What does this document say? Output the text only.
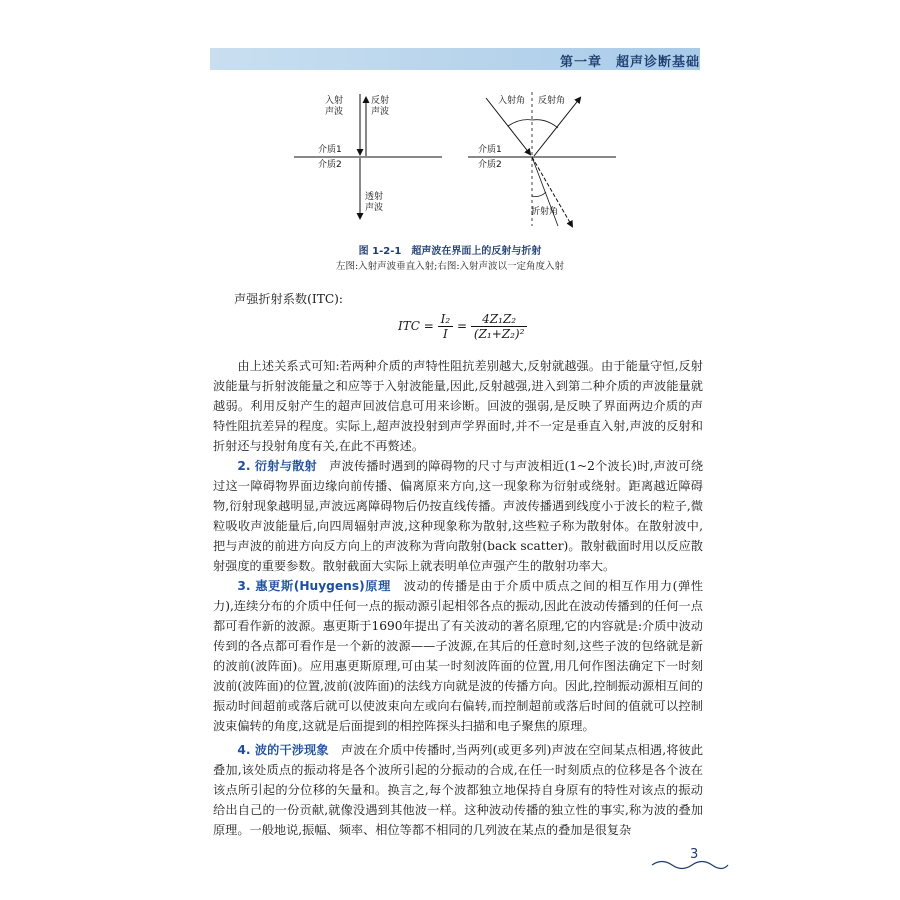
第一章　超声诊断基础
入射
声波
反射
声波
介质1
介质2
透射
声波
入射角 反射角
介质1
介质2
折射角
图 1-2-1　超声波在界面上的反射与折射
左图:入射声波垂直入射;右图:入射声波以一定角度入射
声强折射系数(ITC):
ITC = $\frac{\text{I₂}}{I} = \frac{\text{4Z₁Z₂}}{\text{(Z₁+Z₂)²}}$

由上述关系式可知:若两种介质的声特性阻抗差别越大,反射就越强。由于能量守恒,反射波能量与折射波能量之和应等于入射波能量,因此,反射越强,进入到第二种介质的声波能量就越弱。利用反射产生的超声回波信息可用来诊断。回波的强弱,是反映了界面两边介质的声特性阻抗差异的程度。实际上,超声波投射到声学界面时,并不一定是垂直入射,声波的反射和折射还与投射角度有关,在此不再赘述。

2. 衍射与散射　 声波传播时遇到的障碍物的尺寸与声波相近(1~2个波长)时,声波可绕过这一障碍物界面边缘向前传播、偏离原来方向,这一现象称为衍射或绕射。距离越近障碍物,衍射现象越明显,声波远离障碍物后仍按直线传播。声波传播遇到线度小于波长的粒子,微粒吸收声波能量后,向四周辐射声波,这种现象称为散射,这些粒子称为散射体。在散射波中,把与声波的前进方向反方向上的声波称为背向散射(back scatter)。散射截面时用以反应散射强度的重要参数。散射截面大实际上就表明单位声强产生的散射功率大。

3. 惠更斯(Huygens)原理　 波动的传播是由于介质中质点之间的相互作用力(弹性力),连续分布的介质中任何一点的振动源引起相邻各点的振动,因此在波动传播到的任何一点都可看作新的波源。惠更斯于1690年提出了有关波动的著名原理,它的内容就是:介质中波动传到的各点都可看作是一个新的波源——子波源,在其后的任意时刻,这些子波的包络就是新的波前(波阵面)。应用惠更斯原理,可由某一时刻波阵面的位置,用几何作图法确定下一时刻波前(波阵面)的位置,波前(波阵面)的法线方向就是波的传播方向。因此,控制振动源相互间的振动时间超前或落后就可以使波束向左或向右偏转,而控制超前或落后时间的值就可以控制波束偏转的角度,这就是后面提到的相控阵探头扫描和电子聚焦的原理。

4. 波的干涉现象　 声波在介质中传播时,当两列(或更多列)声波在空间某点相遇,将彼此叠加,该处质点的振动将是各个波所引起的分振动的合成,在任一时刻质点的位移是各个波在该点所引起的分位移的矢量和。换言之,每个波都独立地保持自身原有的特性对该点的振动给出自己的一份贡献,就像没遇到其他波一样。这种波动传播的独立性的事实,称为波的叠加原理。一般地说,振幅、频率、相位等都不相同的几列波在某点的叠加是很复杂

3
